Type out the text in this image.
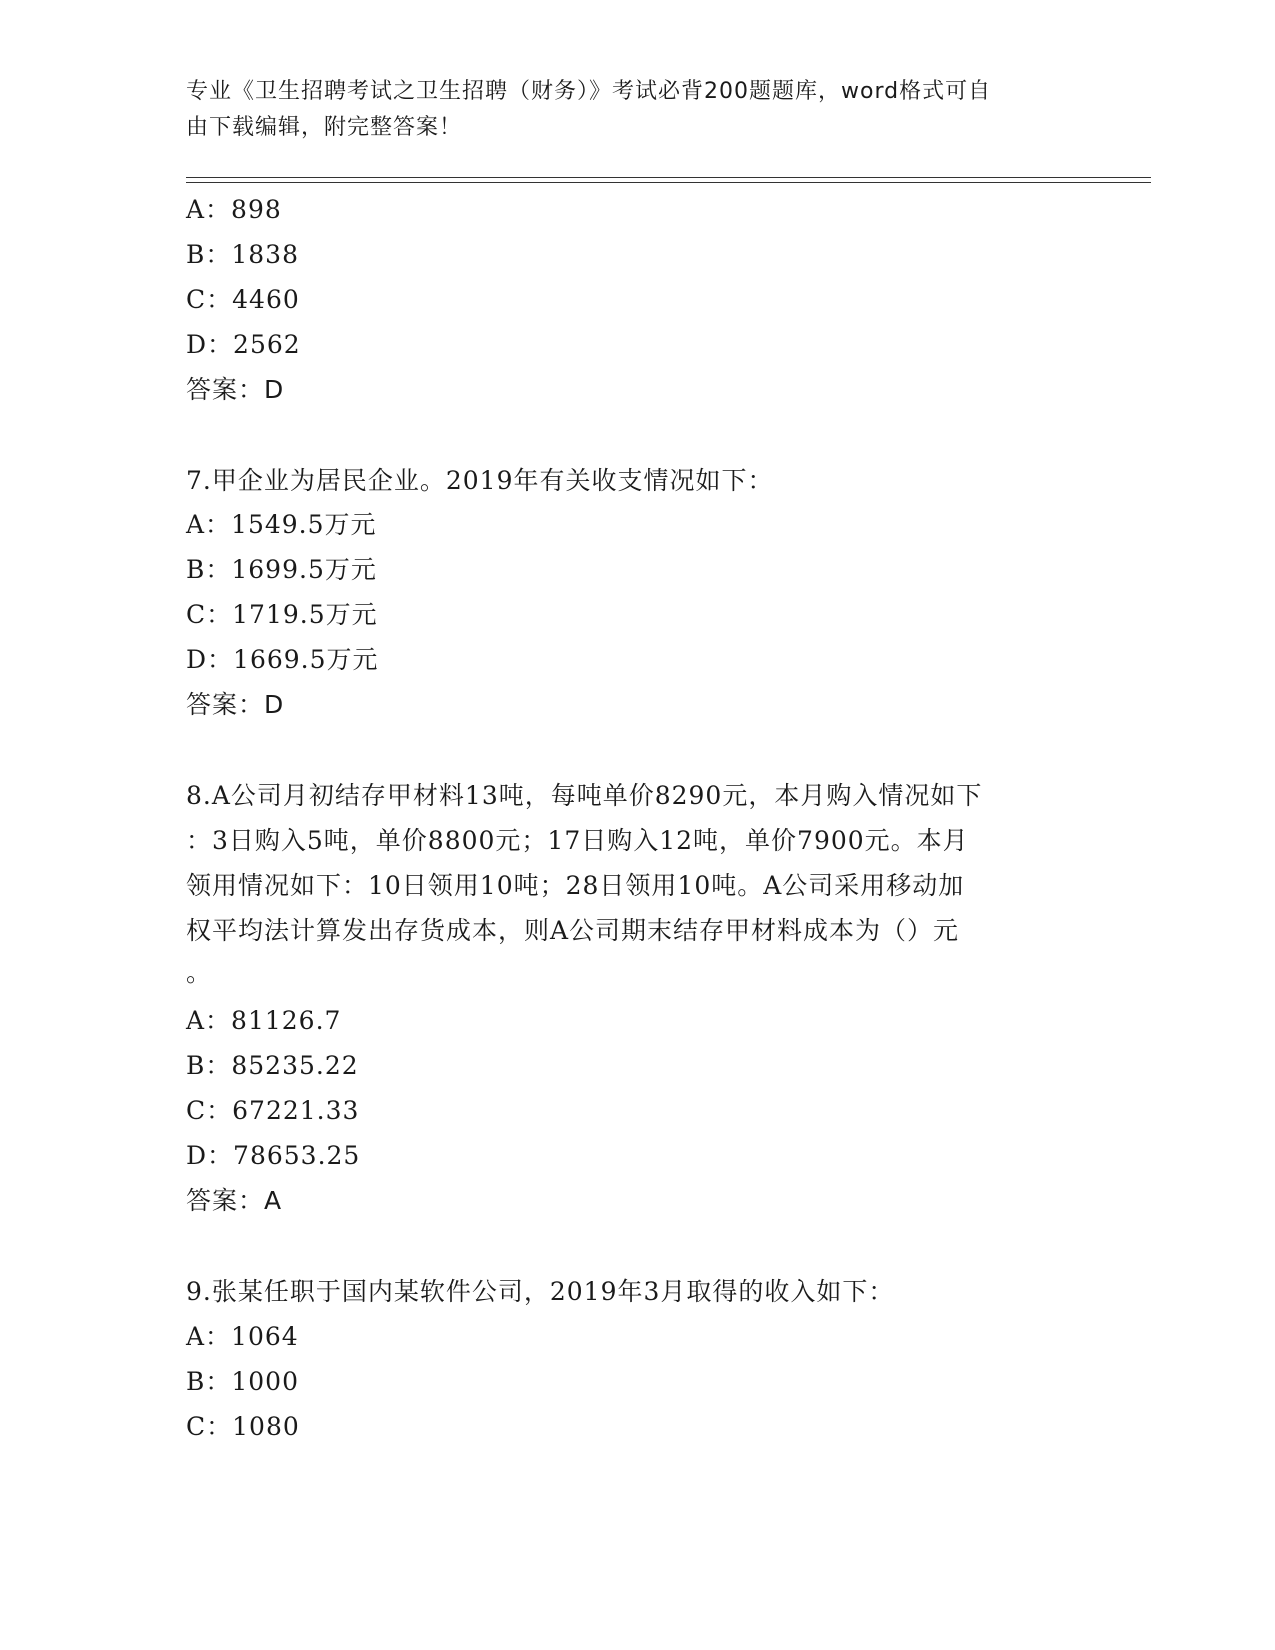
专业《卫生招聘考试之卫生招聘（财务）》考试必背200题题库，word格式可自
由下载编辑，附完整答案！
A：898
B：1838
C：4460
D：2562
答案：D
7.甲企业为居民企业。2019年有关收支情况如下：
A：1549.5万元
B：1699.5万元
C：1719.5万元
D：1669.5万元
答案：D
8.A公司月初结存甲材料13吨，每吨单价8290元，本月购入情况如下
：3日购入5吨，单价8800元；17日购入12吨，单价7900元。本月
领用情况如下：10日领用10吨；28日领用10吨。A公司采用移动加
权平均法计算发出存货成本，则A公司期末结存甲材料成本为（）元
。
A：81126.7
B：85235.22
C：67221.33
D：78653.25
答案：A
9.张某任职于国内某软件公司，2019年3月取得的收入如下：
A：1064
B：1000
C：1080
